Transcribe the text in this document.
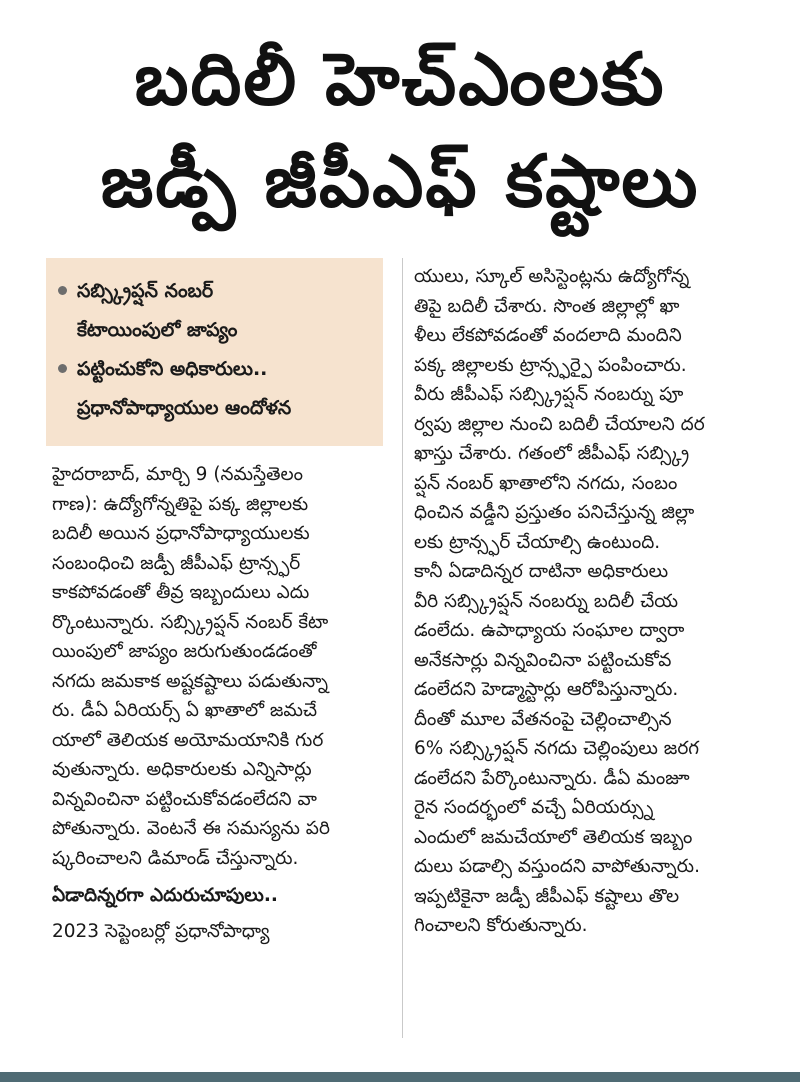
బదిలీ హెచ్ఎంలకు
జడ్పీ జీపీఎఫ్ కష్టాలు
సబ్స్క్రిప్షన్ నంబర్
కేటాయింపులో జాప్యం
పట్టించుకోని అధికారులు..
ప్రధానోపాధ్యాయుల ఆందోళన
హైదరాబాద్, మార్చి 9 (నమస్తేతెలం
గాణ): ఉద్యోగోన్నతిపై పక్క జిల్లాలకు
బదిలీ అయిన ప్రధానోపాధ్యాయులకు
సంబంధించి జడ్పీ జీపీఎఫ్ ట్రాన్స్ఫర్
కాకపోవడంతో తీవ్ర ఇబ్బందులు ఎదు
ర్కొంటున్నారు. సబ్స్క్రిప్షన్ నంబర్ కేటా
యింపులో జాప్యం జరుగుతుండడంతో
నగదు జమకాక అష్టకష్టాలు పడుతున్నా
రు. డీఏ ఏరియర్స్ ఏ ఖాతాలో జమచే
యాలో తెలియక అయోమయానికి గుర
వుతున్నారు. అధికారులకు ఎన్నిసార్లు
విన్నవించినా పట్టించుకోవడంలేదని వా
పోతున్నారు. వెంటనే ఈ సమస్యను పరి
ష్కరించాలని డిమాండ్ చేస్తున్నారు.
ఏడాదిన్నరగా ఎదురుచూపులు..
2023 సెప్టెంబర్లో ప్రధానోపాధ్యా
యులు, స్కూల్ అసిస్టెంట్లను ఉద్యోగోన్న
తిపై బదిలీ చేశారు. సొంత జిల్లాల్లో ఖా
ళీలు లేకపోవడంతో వందలాది మందిని
పక్క జిల్లాలకు ట్రాన్స్ఫర్పై పంపించారు.
వీరు జీపీఎఫ్ సబ్స్క్రిప్షన్ నంబర్ను పూ
ర్వపు జిల్లాల నుంచి బదిలీ చేయాలని దర
ఖాస్తు చేశారు. గతంలో జీపీఎఫ్ సబ్స్క్రి
ప్షన్ నంబర్ ఖాతాలోని నగదు, సంబం
ధించిన వడ్డీని ప్రస్తుతం పనిచేస్తున్న జిల్లా
లకు ట్రాన్స్ఫర్ చేయాల్సి ఉంటుంది.
కానీ ఏడాదిన్నర దాటినా అధికారులు
వీరి సబ్స్క్రిప్షన్ నంబర్ను బదిలీ చేయ
డంలేదు. ఉపాధ్యాయ సంఘాల ద్వారా
అనేకసార్లు విన్నవించినా పట్టించుకోవ
డంలేదని హెడ్మాస్టార్లు ఆరోపిస్తున్నారు.
దీంతో మూల వేతనంపై చెల్లించాల్సిన
6% సబ్స్క్రిప్షన్ నగదు చెల్లింపులు జరగ
డంలేదని పేర్కొంటున్నారు. డీఏ మంజూ
రైన సందర్భంలో వచ్చే ఏరియర్స్ను
ఎందులో జమచేయాలో తెలియక ఇబ్బం
దులు పడాల్సి వస్తుందని వాపోతున్నారు.
ఇప్పటికైనా జడ్పీ జీపీఎఫ్ కష్టాలు తొల
గించాలని కోరుతున్నారు.
